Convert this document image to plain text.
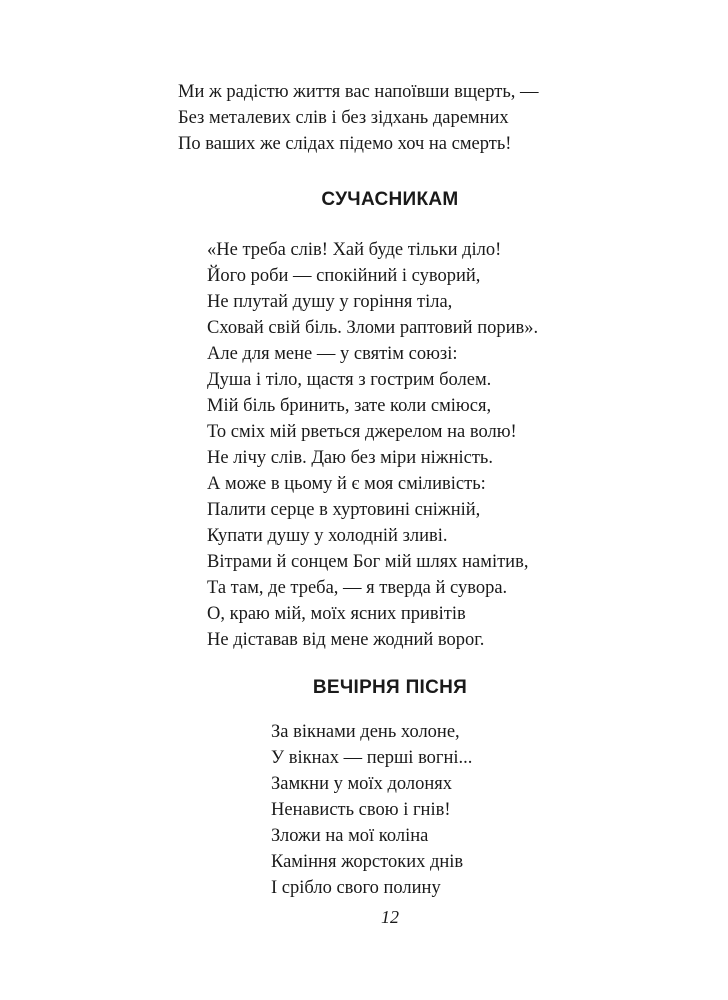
Ми ж радістю життя вас напоївши вщерть, —
Без металевих слів і без зідхань даремних
По ваших же слідах підемо хоч на смерть!
СУЧАСНИКАМ
«Не треба слів! Хай буде тільки діло!
Його роби — спокійний і суворий,
Не плутай душу у горіння тіла,
Сховай свій біль. Зломи раптовий порив».
Але для мене — у святім союзі:
Душа і тіло, щастя з гострим болем.
Мій біль бринить, зате коли сміюся,
То сміх мій рветься джерелом на волю!
Не лічу слів. Даю без міри ніжність.
А може в цьому й є моя сміливість:
Палити серце в хуртовині сніжній,
Купати душу у холодній зливі.
Вітрами й сонцем Бог мій шлях намітив,
Та там, де треба, — я тверда й сувора.
О, краю мій, моїх ясних привітів
Не діставав від мене жодний ворог.
ВЕЧІРНЯ ПІСНЯ
За вікнами день холоне,
У вікнах — перші вогні...
Замкни у моїх долонях
Ненависть свою і гнів!
Зложи на мої коліна
Каміння жорстоких днів
І срібло свого полину
12
